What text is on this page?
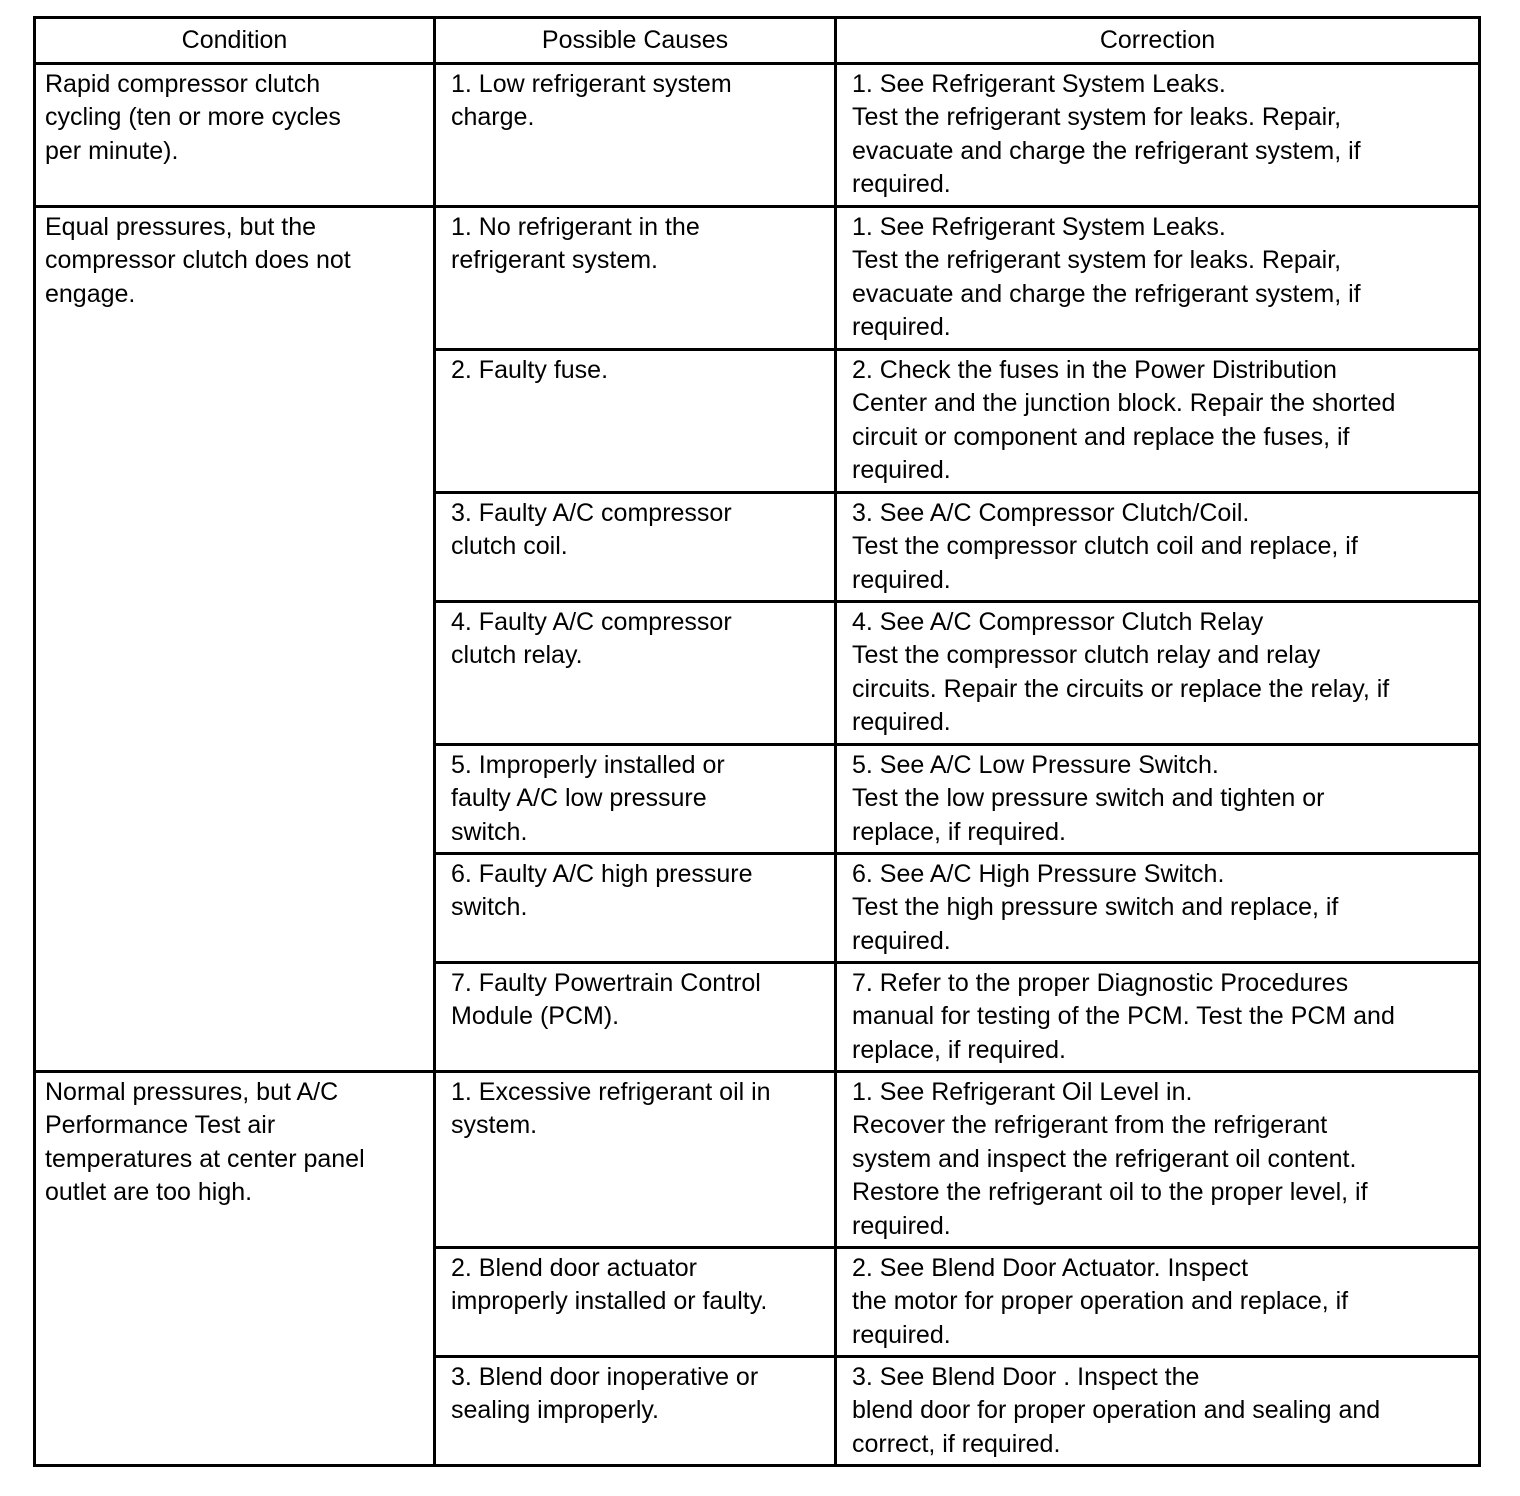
Condition	Possible Causes	Correction

Rapid compressor clutch
cycling (ten or more cycles
per minute).	1. Low refrigerant system
charge.	1. See Refrigerant System Leaks.
Test the refrigerant system for leaks. Repair,
evacuate and charge the refrigerant system, if
required.

Equal pressures, but the
compressor clutch does not
engage.	1. No refrigerant in the
refrigerant system.	1. See Refrigerant System Leaks.
Test the refrigerant system for leaks. Repair,
evacuate and charge the refrigerant system, if
required.

	2. Faulty fuse.	2. Check the fuses in the Power Distribution
Center and the junction block. Repair the shorted
circuit or component and replace the fuses, if
required.

	3. Faulty A/C compressor
clutch coil.	3. See A/C Compressor Clutch/Coil.
Test the compressor clutch coil and replace, if
required.

	4. Faulty A/C compressor
clutch relay.	4. See A/C Compressor Clutch Relay
Test the compressor clutch relay and relay
circuits. Repair the circuits or replace the relay, if
required.

	5. Improperly installed or
faulty A/C low pressure
switch.	5. See A/C Low Pressure Switch.
Test the low pressure switch and tighten or
replace, if required.

	6. Faulty A/C high pressure
switch.	6. See A/C High Pressure Switch.
Test the high pressure switch and replace, if
required.

	7. Faulty Powertrain Control
Module (PCM).	7. Refer to the proper Diagnostic Procedures
manual for testing of the PCM. Test the PCM and
replace, if required.

Normal pressures, but A/C
Performance Test air
temperatures at center panel
outlet are too high.	1. Excessive refrigerant oil in
system.	1. See Refrigerant Oil Level in.
Recover the refrigerant from the refrigerant
system and inspect the refrigerant oil content.
Restore the refrigerant oil to the proper level, if
required.

	2. Blend door actuator
improperly installed or faulty.	2. See Blend Door Actuator. Inspect
the motor for proper operation and replace, if
required.

	3. Blend door inoperative or
sealing improperly.	3. See Blend Door . Inspect the
blend door for proper operation and sealing and
correct, if required.
